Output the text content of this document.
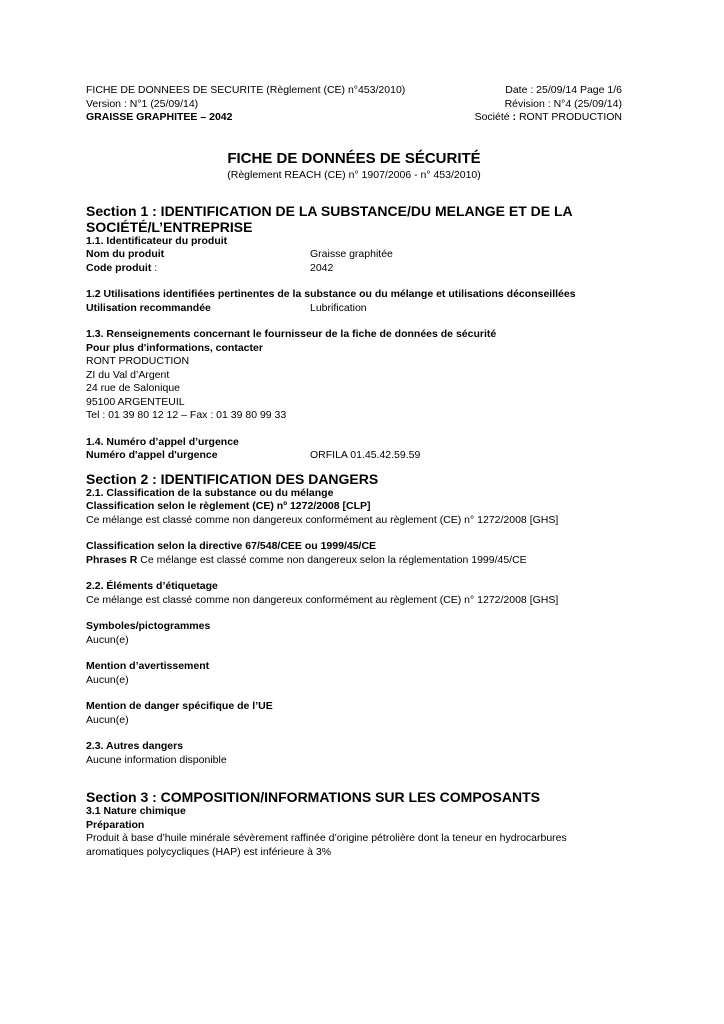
FICHE DE DONNEES DE SECURITE (Règlement (CE) n°453/2010)	Date : 25/09/14 Page 1/6
Version : N°1 (25/09/14)	Révision : N°4 (25/09/14)
GRAISSE GRAPHITEE – 2042	Société : RONT PRODUCTION
FICHE DE DONNÉES DE SÉCURITÉ
(Règlement REACH (CE) n° 1907/2006 - n° 453/2010)
Section 1 : IDENTIFICATION DE LA SUBSTANCE/DU MELANGE ET DE LA SOCIÉTÉ/L’ENTREPRISE
1.1. Identificateur du produit
Nom du produit	Graisse graphitée
Code produit :	2042
1.2 Utilisations identifiées pertinentes de la substance ou du mélange et utilisations déconseillées
Utilisation recommandée	Lubrification
1.3. Renseignements concernant le fournisseur de la fiche de données de sécurité
Pour plus d'informations, contacter
RONT PRODUCTION
ZI du Val d’Argent
24 rue de Salonique
95100 ARGENTEUIL
Tel : 01 39 80 12 12 – Fax : 01 39 80 99 33
1.4. Numéro d’appel d’urgence
Numéro d'appel d'urgence	ORFILA 01.45.42.59.59
Section 2 : IDENTIFICATION DES DANGERS
2.1. Classification de la substance ou du mélange
Classification selon le règlement (CE) nº 1272/2008 [CLP]
Ce mélange est classé comme non dangereux conformément au règlement (CE) n° 1272/2008 [GHS]
Classification selon la directive 67/548/CEE ou 1999/45/CE
Phrases R Ce mélange est classé comme non dangereux selon la réglementation 1999/45/CE
2.2. Éléments d’étiquetage
Ce mélange est classé comme non dangereux conformément au règlement (CE) n° 1272/2008 [GHS]
Symboles/pictogrammes
Aucun(e)
Mention d’avertissement
Aucun(e)
Mention de danger spécifique de l’UE
Aucun(e)
2.3. Autres dangers
Aucune information disponible
Section 3 : COMPOSITION/INFORMATIONS SUR LES COMPOSANTS
3.1 Nature chimique
Préparation
Produit à base d’huile minérale sévèrement raffinée d’origine pétrolière dont la teneur en hydrocarbures aromatiques polycycliques (HAP) est inférieure à 3%
